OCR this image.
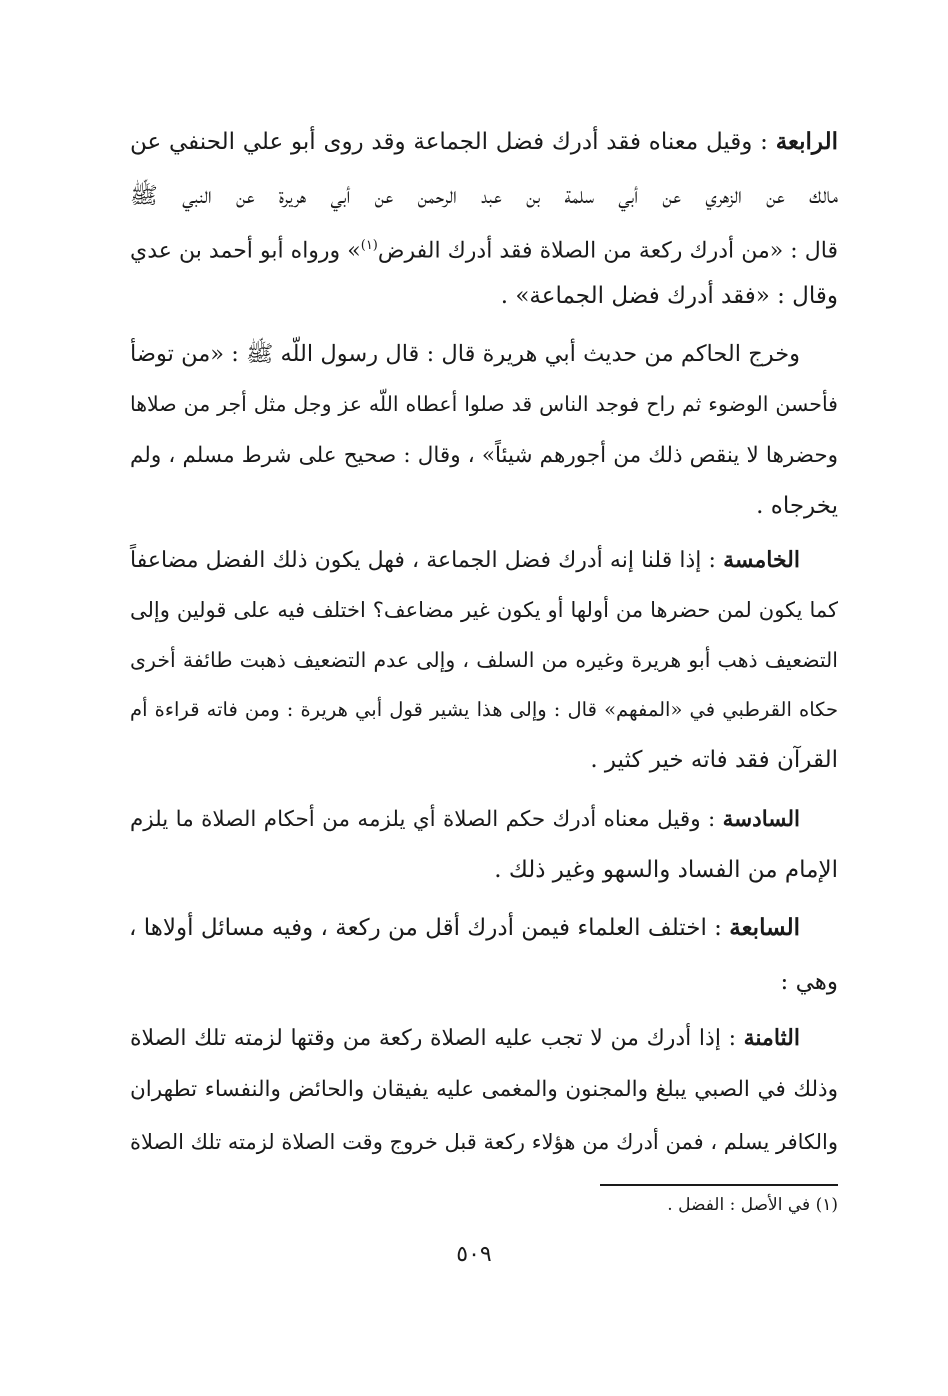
الرابعة : وقيل معناه فقد أدرك فضل الجماعة وقد روى أبو علي الحنفي عن
مالك عن الزهري عن أبي سلمة بن عبد الرحمن عن أبي هريرة عن النبي ﷺ
قال : «من أدرك ركعة من الصلاة فقد أدرك الفرض$^{(١)}$» ورواه أبو أحمد بن عدي
وقال : «فقد أدرك فضل الجماعة» .
وخرج الحاكم من حديث أبي هريرة قال : قال رسول اللّه ﷺ : «من توضأ
فأحسن الوضوء ثم راح فوجد الناس قد صلوا أعطاه اللّه عز وجل مثل أجر من صلاها
وحضرها لا ينقص ذلك من أجورهم شيئاً» ، وقال : صحيح على شرط مسلم ، ولم
يخرجاه .
الخامسة : إذا قلنا إنه أدرك فضل الجماعة ، فهل يكون ذلك الفضل مضاعفاً
كما يكون لمن حضرها من أولها أو يكون غير مضاعف؟ اختلف فيه على قولين وإلى
التضعيف ذهب أبو هريرة وغيره من السلف ، وإلى عدم التضعيف ذهبت طائفة أخرى
حكاه القرطبي في «المفهم» قال : وإلى هذا يشير قول أبي هريرة : ومن فاته قراءة أم
القرآن فقد فاته خير كثير .
السادسة : وقيل معناه أدرك حكم الصلاة أي يلزمه من أحكام الصلاة ما يلزم
الإمام من الفساد والسهو وغير ذلك .
السابعة : اختلف العلماء فيمن أدرك أقل من ركعة ، وفيه مسائل أولاها ،
وهي :
الثامنة : إذا أدرك من لا تجب عليه الصلاة ركعة من وقتها لزمته تلك الصلاة
وذلك في الصبي يبلغ والمجنون والمغمى عليه يفيقان والحائض والنفساء تطهران
والكافر يسلم ، فمن أدرك من هؤلاء ركعة قبل خروج وقت الصلاة لزمته تلك الصلاة
(١) في الأصل : الفضل .
٥٠٩
